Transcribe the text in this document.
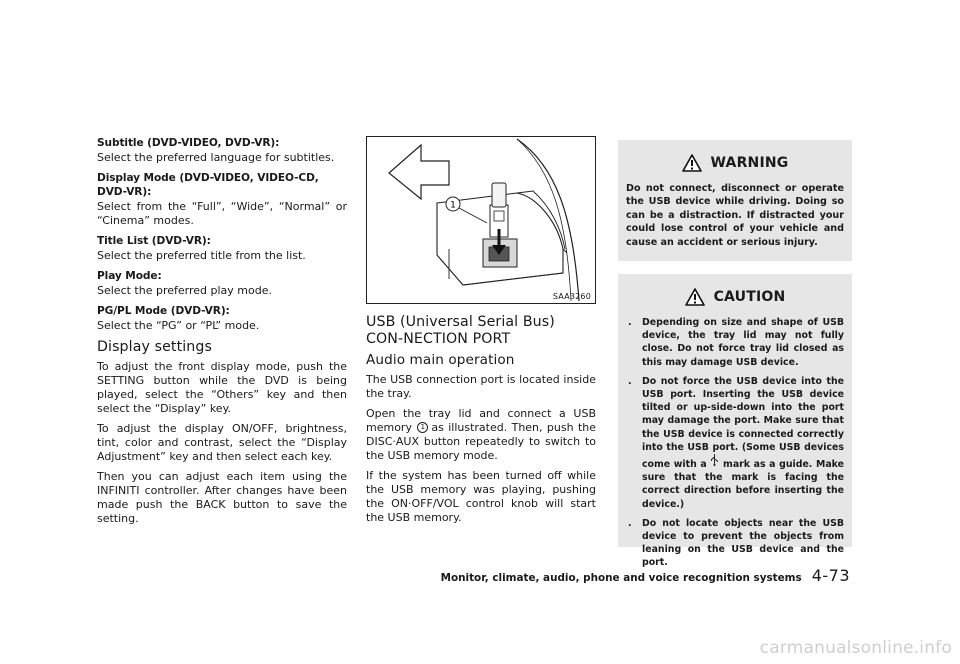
Subtitle (DVD-VIDEO, DVD-VR):
Select the preferred language for subtitles.
Display Mode (DVD-VIDEO, VIDEO-CD, DVD-VR):
Select from the “Full”, “Wide”, “Normal” or “Cinema” modes.
Title List (DVD-VR):
Select the preferred title from the list.
Play Mode:
Select the preferred play mode.
PG/PL Mode (DVD-VR):
Select the “PG” or “PL” mode.
Display settings
To adjust the front display mode, push the SETTING button while the DVD is being played, select the “Others” key and then select the “Display” key.
To adjust the display ON/OFF, brightness, tint, color and contrast, select the “Display Adjustment” key and then select each key.
Then you can adjust each item using the INFINITI controller. After changes have been made push the BACK button to save the setting.
1
SAA3260
USB (Universal Serial Bus) CON-NECTION PORT
Audio main operation
The USB connection port is located inside the tray.
Open the tray lid and connect a USB memory 1 as illustrated. Then, push the DISC·AUX button repeatedly to switch to the USB memory mode.
If the system has been turned off while the USB memory was playing, pushing the ON·OFF/VOL control knob will start the USB memory.
WARNING
Do not connect, disconnect or operate the USB device while driving. Doing so can be a distraction. If distracted your could lose control of your vehicle and cause an accident or serious injury.
CAUTION
. Depending on size and shape of USB device, the tray lid may not fully close. Do not force tray lid closed as this may damage USB device.
. Do not force the USB device into the USB port. Inserting the USB device tilted or up-side-down into the port may damage the port. Make sure that the USB device is connected correctly into the USB port. (Some USB devices come with a mark as a guide. Make sure that the mark is facing the correct direction before inserting the device.)
. Do not locate objects near the USB device to prevent the objects from leaning on the USB device and the port.
Monitor, climate, audio, phone and voice recognition systems 4-73
carmanualsonline.info
